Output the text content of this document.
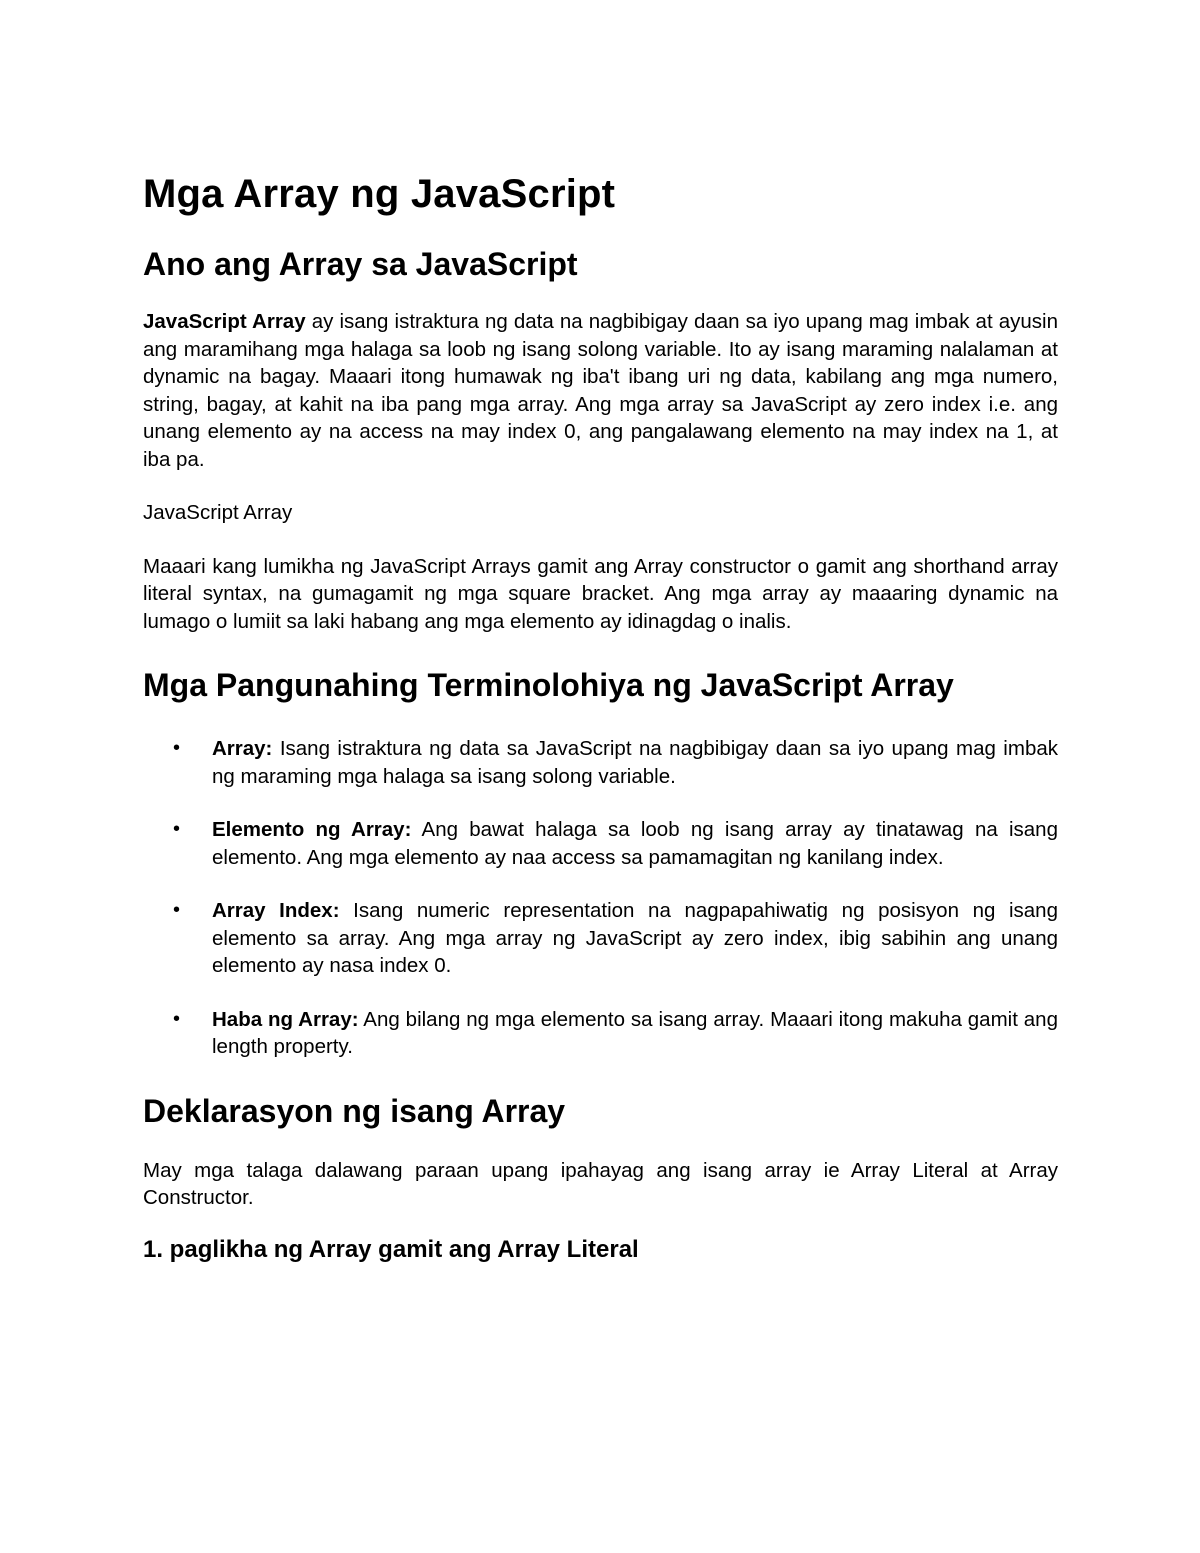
Mga Array ng JavaScript
Ano ang Array sa JavaScript

JavaScript Array ay isang istraktura ng data na nagbibigay daan sa iyo upang mag imbak at ayusin ang maramihang mga halaga sa loob ng isang solong variable. Ito ay isang maraming nalalaman at dynamic na bagay. Maaari itong humawak ng iba't ibang uri ng data, kabilang ang mga numero, string, bagay, at kahit na iba pang mga array. Ang mga array sa JavaScript ay zero index i.e. ang unang elemento ay na access na may index 0, ang pangalawang elemento na may index na 1, at iba pa.

JavaScript Array

Maaari kang lumikha ng JavaScript Arrays gamit ang Array constructor o gamit ang shorthand array literal syntax, na gumagamit ng mga square bracket. Ang mga array ay maaaring dynamic na lumago o lumiit sa laki habang ang mga elemento ay idinagdag o inalis.

Mga Pangunahing Terminolohiya ng JavaScript Array
• Array: Isang istraktura ng data sa JavaScript na nagbibigay daan sa iyo upang mag imbak ng maraming mga halaga sa isang solong variable.
• Elemento ng Array: Ang bawat halaga sa loob ng isang array ay tinatawag na isang elemento. Ang mga elemento ay naa access sa pamamagitan ng kanilang index.
• Array Index: Isang numeric representation na nagpapahiwatig ng posisyon ng isang elemento sa array. Ang mga array ng JavaScript ay zero index, ibig sabihin ang unang elemento ay nasa index 0.
• Haba ng Array: Ang bilang ng mga elemento sa isang array. Maaari itong makuha gamit ang length property.
Deklarasyon ng isang Array

May mga talaga dalawang paraan upang ipahayag ang isang array ie Array Literal at Array Constructor.

1. paglikha ng Array gamit ang Array Literal
